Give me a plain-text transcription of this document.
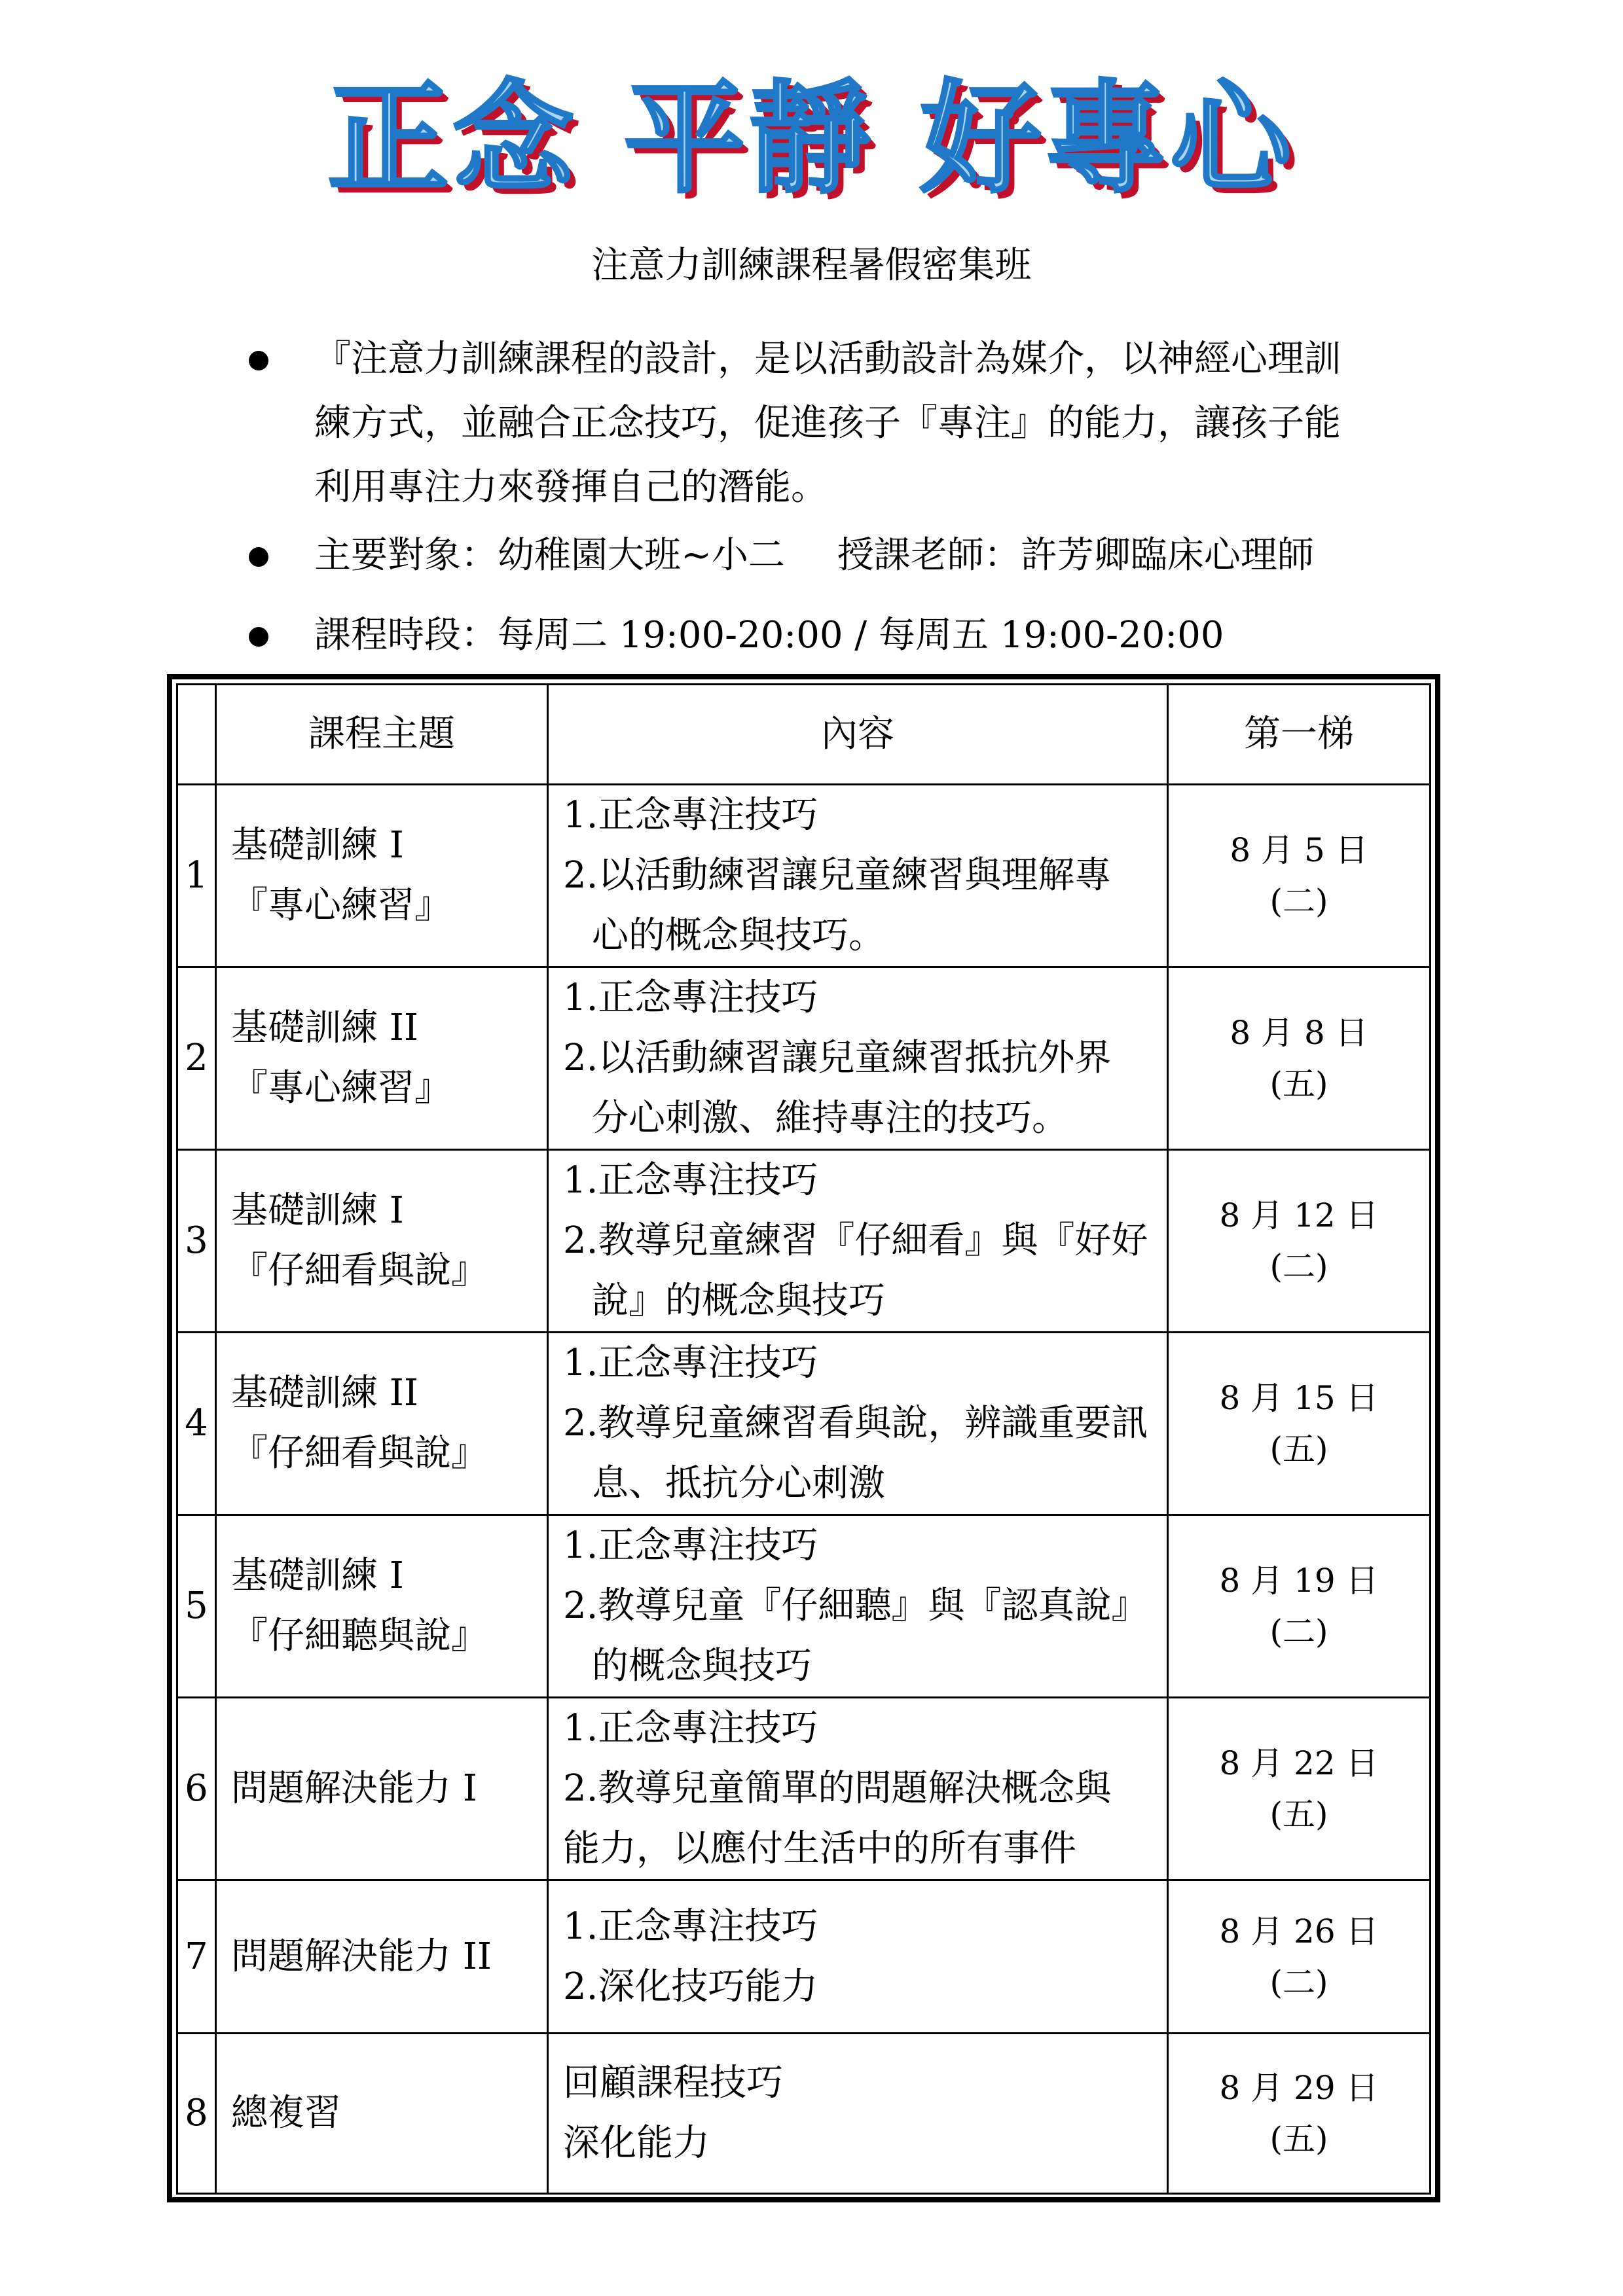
正念 平靜 好專心
注意力訓練課程暑假密集班
『注意力訓練課程的設計，是以活動設計為媒介，以神經心理訓
練方式，並融合正念技巧，促進孩子『專注』的能力，讓孩子能
利用專注力來發揮自己的潛能。
主要對象：幼稚園大班~小二 授課老師：許芳卿臨床心理師
課程時段：每周二 19:00-20:00 / 每周五 19:00-20:00
	課程主題	內容	第一梯
1	基礎訓練 I
『專心練習』	1.正念專注技巧
2.以活動練習讓兒童練習與理解專
心的概念與技巧。	8 月 5 日
(二)

2	基礎訓練 II
『專心練習』	1.正念專注技巧
2.以活動練習讓兒童練習抵抗外界
分心刺激、維持專注的技巧。	8 月 8 日
(五)

3	基礎訓練 I
『仔細看與說』	1.正念專注技巧
2.教導兒童練習『仔細看』與『好好
說』的概念與技巧	8 月 12 日
(二)

4	基礎訓練 II
『仔細看與說』	1.正念專注技巧
2.教導兒童練習看與說，辨識重要訊
息、抵抗分心刺激	8 月 15 日
(五)

5	基礎訓練 I
『仔細聽與說』	1.正念專注技巧
2.教導兒童『仔細聽』與『認真說』
的概念與技巧	8 月 19 日
(二)

6	問題解決能力 I	1.正念專注技巧
2.教導兒童簡單的問題解決概念與
能力，以應付生活中的所有事件	8 月 22 日
(五)

7	問題解決能力 II	1.正念專注技巧
2.深化技巧能力	8 月 26 日
(二)

8	總複習	回顧課程技巧
深化能力	8 月 29 日
(五)
